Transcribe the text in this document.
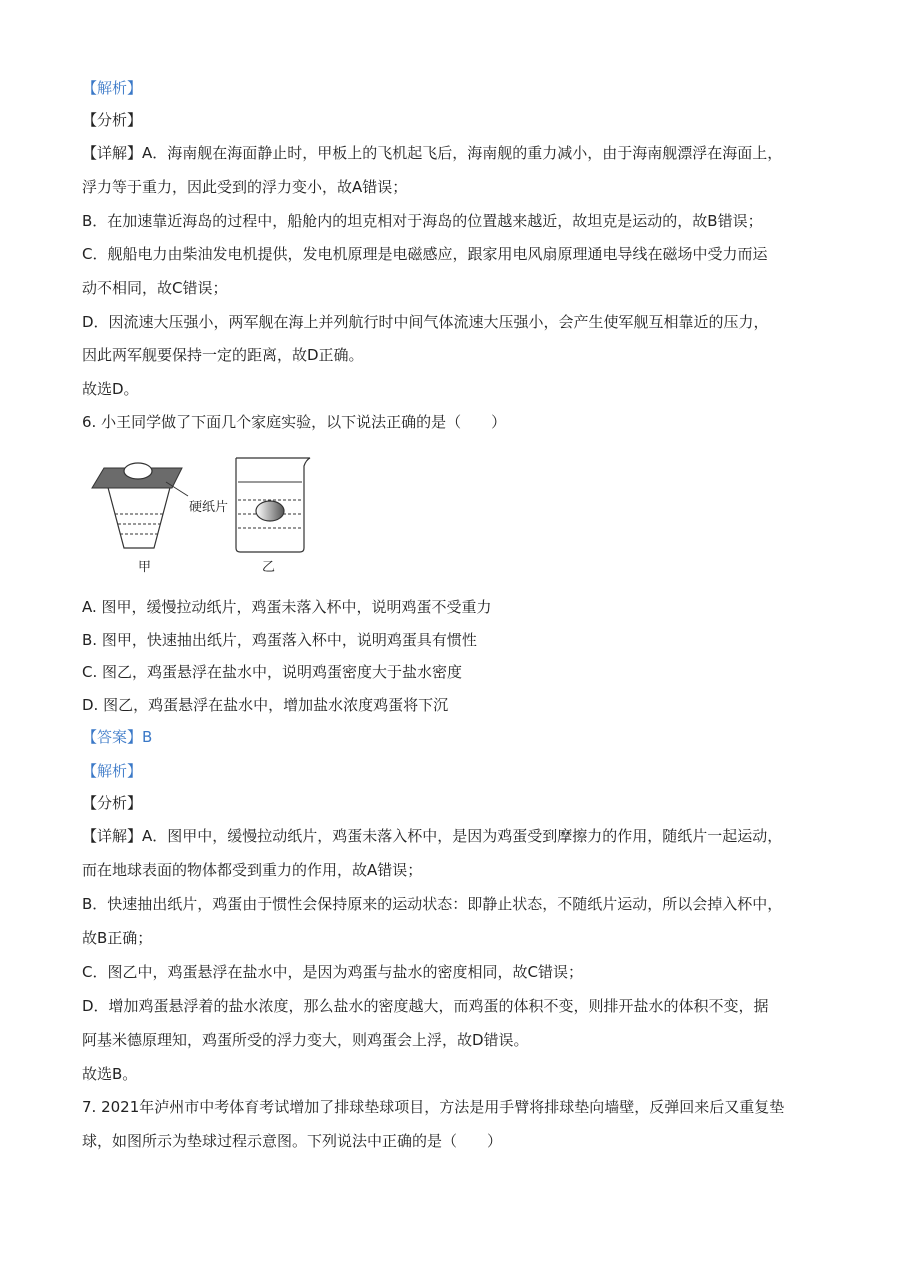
【解析】
【分析】
【详解】A．海南舰在海面静止时，甲板上的飞机起飞后，海南舰的重力减小，由于海南舰漂浮在海面上，
浮力等于重力，因此受到的浮力变小，故A错误；
B．在加速靠近海岛的过程中，船舱内的坦克相对于海岛的位置越来越近，故坦克是运动的，故B错误；
C．舰船电力由柴油发电机提供，发电机原理是电磁感应，跟家用电风扇原理通电导线在磁场中受力而运
动不相同，故C错误；
D．因流速大压强小，两军舰在海上并列航行时中间气体流速大压强小，会产生使军舰互相靠近的压力，
因此两军舰要保持一定的距离，故D正确。
故选D。
6. 小王同学做了下面几个家庭实验，以下说法正确的是（　　）
A. 图甲，缓慢拉动纸片，鸡蛋未落入杯中，说明鸡蛋不受重力
B. 图甲，快速抽出纸片，鸡蛋落入杯中，说明鸡蛋具有惯性
C. 图乙，鸡蛋悬浮在盐水中，说明鸡蛋密度大于盐水密度
D. 图乙，鸡蛋悬浮在盐水中，增加盐水浓度鸡蛋将下沉
【答案】B
【解析】
【分析】
【详解】A．图甲中，缓慢拉动纸片，鸡蛋未落入杯中，是因为鸡蛋受到摩擦力的作用，随纸片一起运动，
而在地球表面的物体都受到重力的作用，故A错误；
B．快速抽出纸片，鸡蛋由于惯性会保持原来的运动状态：即静止状态，不随纸片运动，所以会掉入杯中，
故B正确；
C．图乙中，鸡蛋悬浮在盐水中，是因为鸡蛋与盐水的密度相同，故C错误；
D．增加鸡蛋悬浮着的盐水浓度，那么盐水的密度越大，而鸡蛋的体积不变，则排开盐水的体积不变，据
阿基米德原理知，鸡蛋所受的浮力变大，则鸡蛋会上浮，故D错误。
故选B。
7. 2021年泸州市中考体育考试增加了排球垫球项目，方法是用手臂将排球垫向墙壁，反弹回来后又重复垫
球，如图所示为垫球过程示意图。下列说法中正确的是（　　）
硬纸片
甲	乙
